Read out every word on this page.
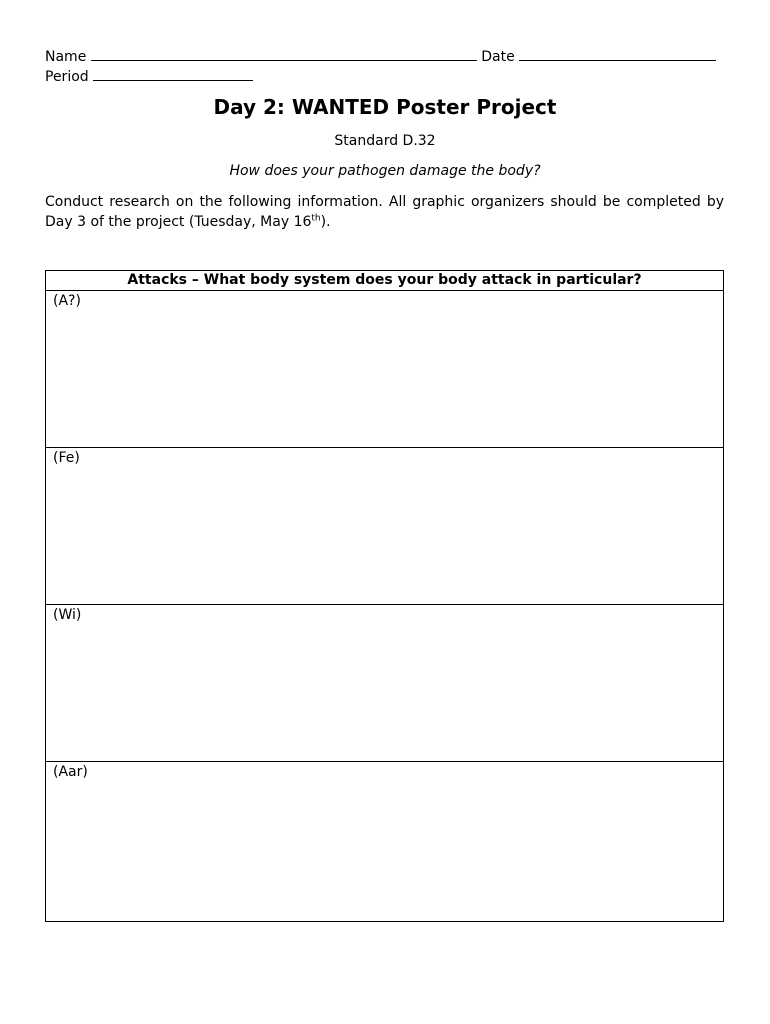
Name	Date
Period
Day 2: WANTED Poster Project
Standard D.32
How does your pathogen damage the body?
Conduct research on the following information. All graphic organizers should be completed by Day 3 of the project (Tuesday, May 16th).
Attacks – What body system does your body attack in particular?
(A?)
(Fe)
(Wi)
(Aar)
